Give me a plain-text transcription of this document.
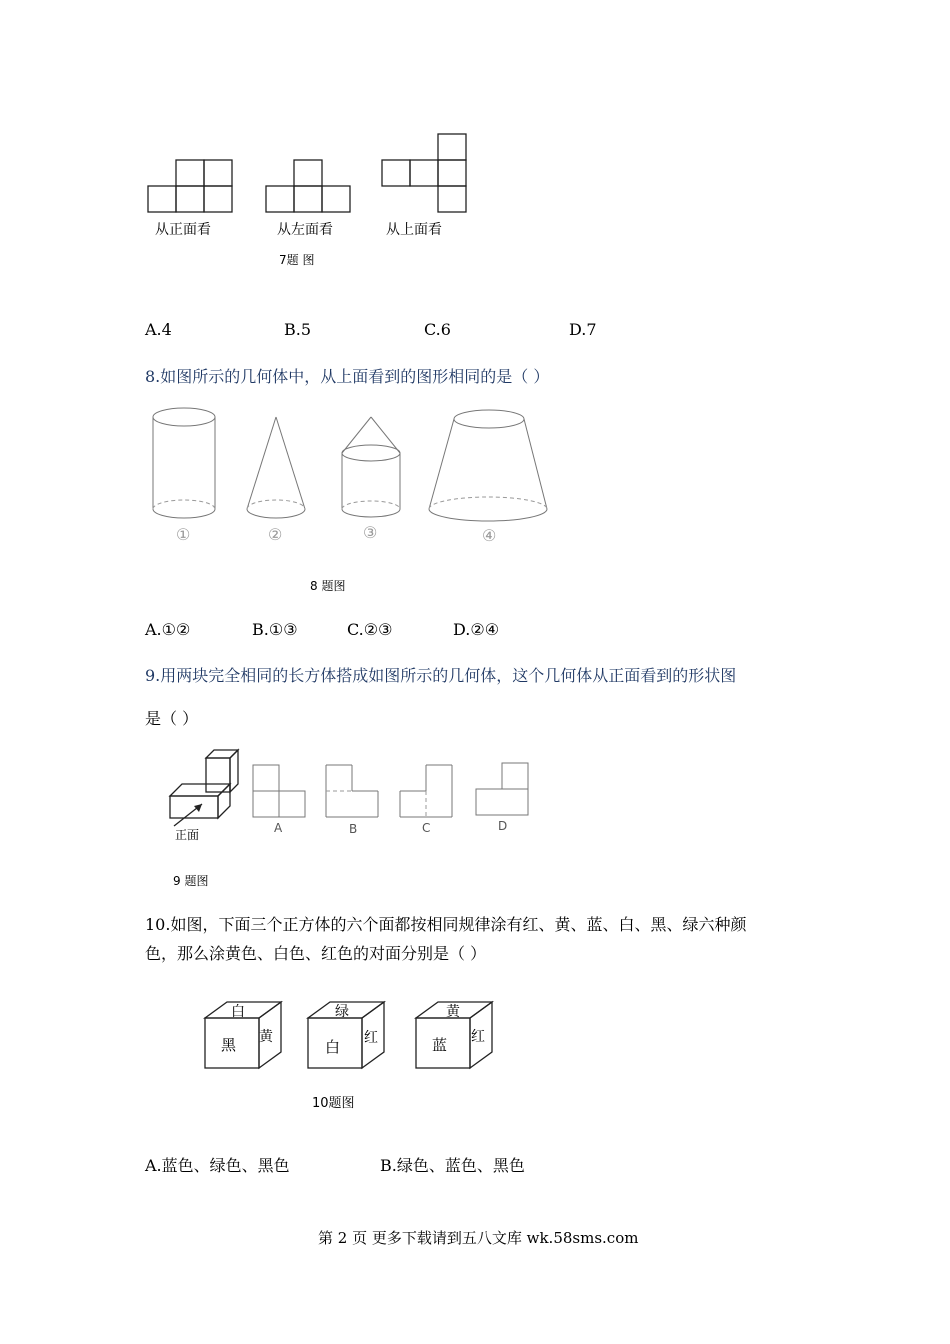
从正面看	从左面看	从上面看
7题 图
A.4	B.5	C.6	D.7
8.如图所示的几何体中，从上面看到的图形相同的是（ ）
①	②	③	④
8 题图
A.①②	B.①③	C.②③	D.②④
9.用两块完全相同的长方体搭成如图所示的几何体，这个几何体从正面看到的形状图
是（ ）
正面	A	B	C	D
9 题图
10.如图，下面三个正方体的六个面都按相同规律涂有红、黄、蓝、白、黑、绿六种颜
色，那么涂黄色、白色、红色的对面分别是（ ）
白
黑 黄
绿
白 红
黄
蓝 红
10题图
A.蓝色、绿色、黑色	B.绿色、蓝色、黑色
第 2 页 更多下载请到五八文库 wk.58sms.com
